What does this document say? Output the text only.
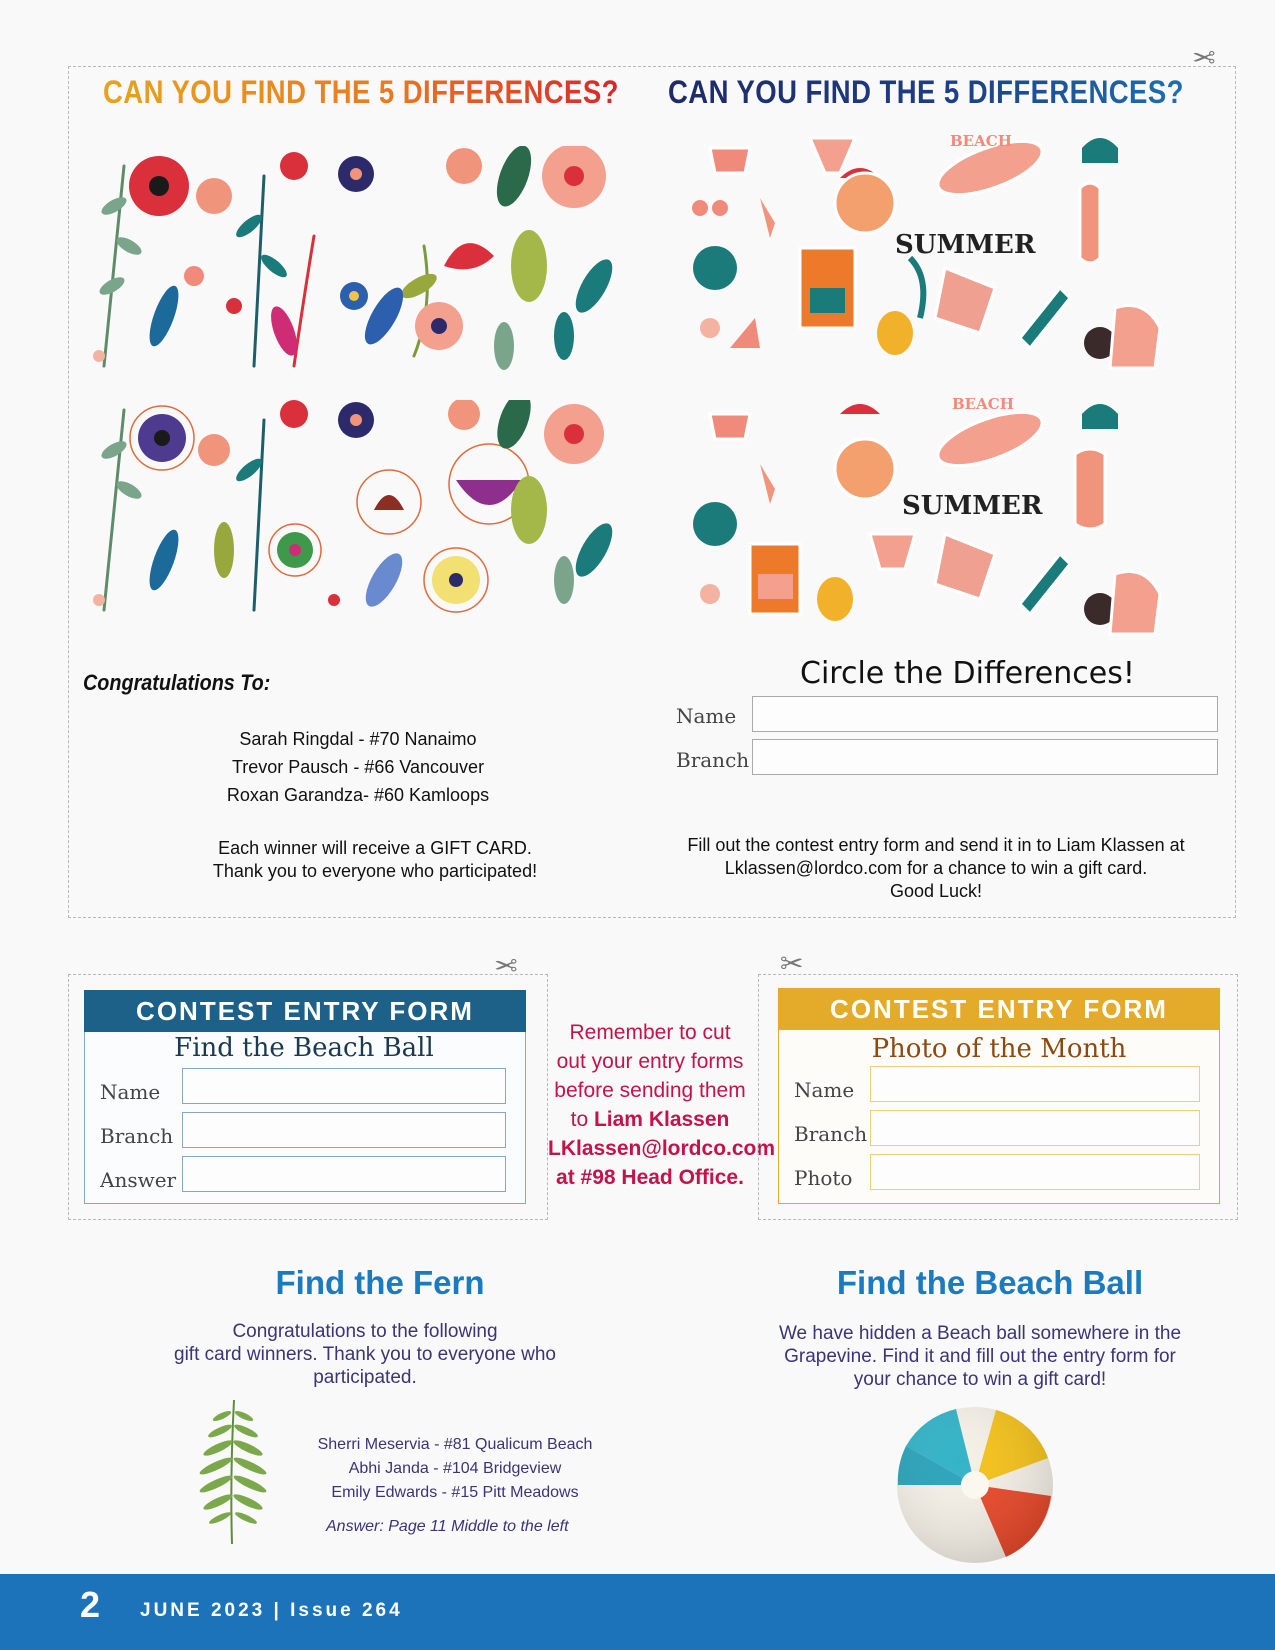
✂
CAN YOU FIND THE 5 DIFFERENCES? CAN YOU FIND THE 5 DIFFERENCES?
SUMMER
BEACH
SUMMER
BEACH
Congratulations To:
Sarah Ringdal - #70 Nanaimo
Trevor Pausch - #66 Vancouver
Roxan Garandza- #60 Kamloops
Each winner will receive a GIFT CARD.
Thank you to everyone who participated!
Circle the Differences!
Name
Branch
Fill out the contest entry form and send it in to Liam Klassen at
Lklassen@lordco.com for a chance to win a gift card.
Good Luck!
✂
CONTEST ENTRY FORM
Find the Beach Ball
Name
Branch
Answer
Remember to cut
out your entry forms
before sending them
to Liam Klassen
LKlassen@lordco.com
at #98 Head Office.
✂
CONTEST ENTRY FORM
Photo of the Month
Name
Branch
Photo
Find the Fern
Congratulations to the following
gift card winners. Thank you to everyone who
participated.
Sherri Meservia - #81 Qualicum Beach
Abhi Janda - #104 Bridgeview
Emily Edwards - #15 Pitt Meadows
Answer: Page 11 Middle to the left
Find the Beach Ball
We have hidden a Beach ball somewhere in the
Grapevine. Find it and fill out the entry form for
your chance to win a gift card!
2 JUNE 2023 | Issue 264
